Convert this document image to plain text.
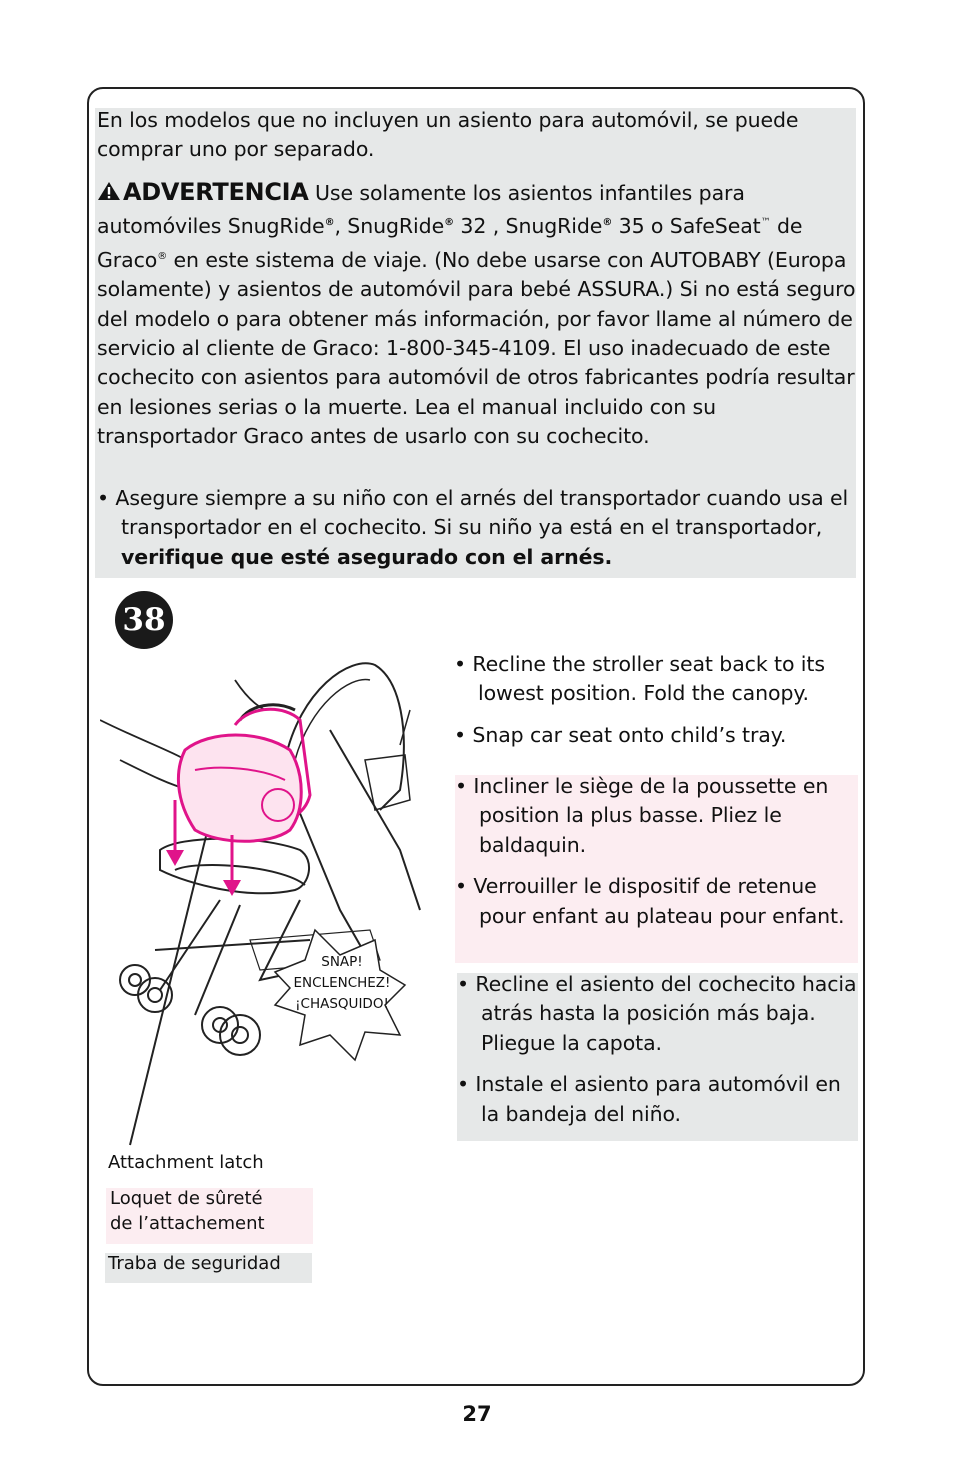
En los modelos que no incluyen un asiento para automóvil, se puede comprar uno por separado.
ADVERTENCIA Use solamente los asientos infantiles para automóviles SnugRide®, SnugRide® 32 , SnugRide® 35 o SafeSeat™ de Graco® en este sistema de viaje. (No debe usarse con AUTOBABY (Europa solamente) y asientos de automóvil para bebé ASSURA.) Si no está seguro del modelo o para obtener más información, por favor llame al número de servicio al cliente de Graco: 1-800-345-4109. El uso inadecuado de este cochecito con asientos para automóvil de otros fabricantes podría resultar en lesiones serias o la muerte. Lea el manual incluido con su transportador Graco antes de usarlo con su cochecito.
• Asegure siempre a su niño con el arnés del transportador cuando usa el transportador en el cochecito. Si su niño ya está en el transportador, verifique que esté asegurado con el arnés.
38
SNAP!
ENCLENCHEZ!
¡CHASQUIDO!
• Recline the stroller seat back to its lowest position. Fold the canopy.
• Snap car seat onto child’s tray.
• Incliner le siège de la poussette en position la plus basse. Pliez le baldaquin.
• Verrouiller le dispositif de retenue pour enfant au plateau pour enfant.
• Recline el asiento del cochecito hacia atrás hasta la posición más baja. Pliegue la capota.
• Instale el asiento para automóvil en la bandeja del niño.
Attachment latch
Loquet de sûreté
de l’attachement
Traba de seguridad
27
